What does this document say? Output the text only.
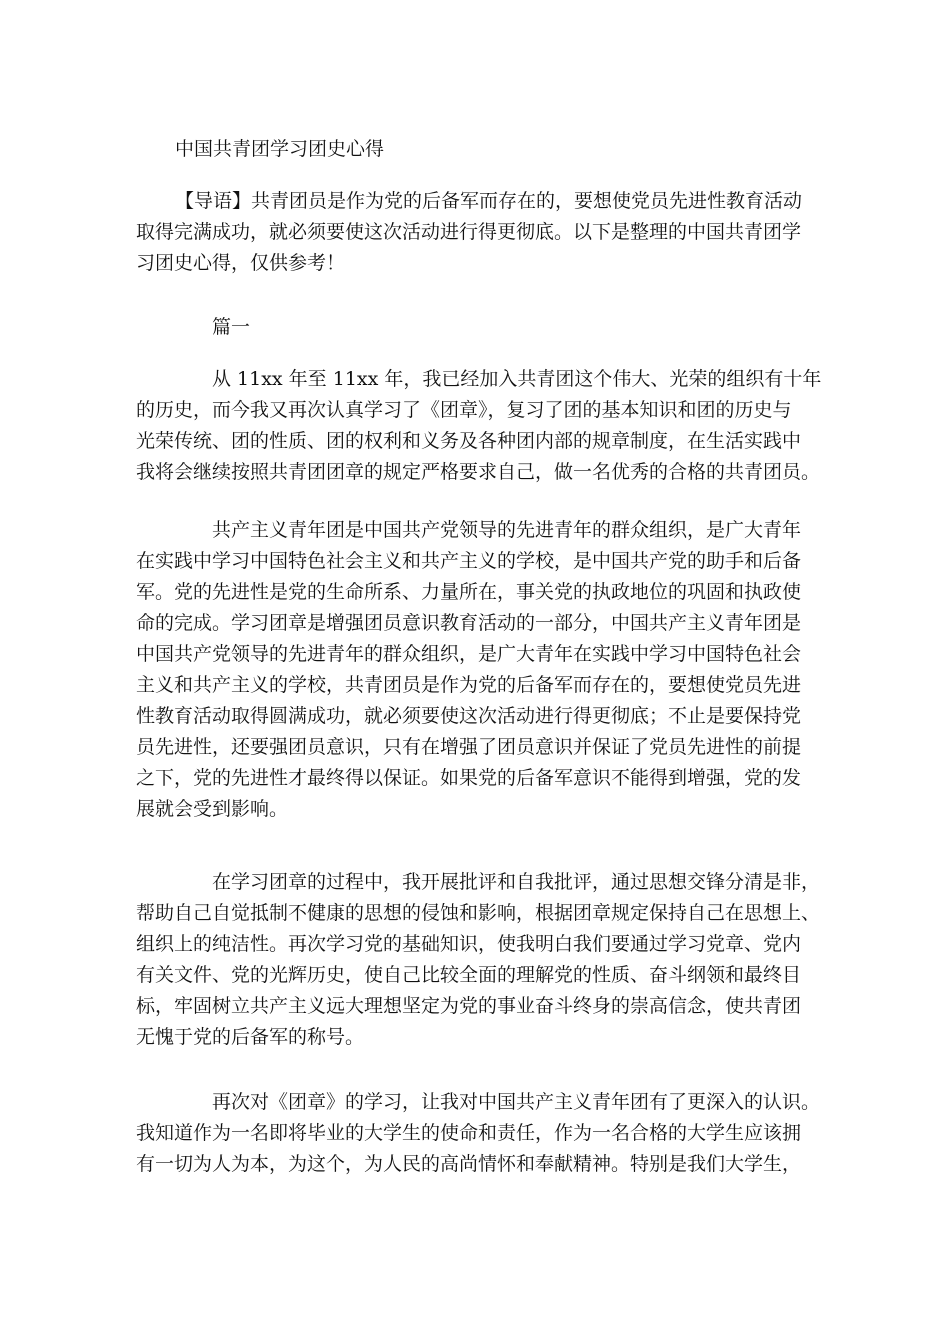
中国共青团学习团史心得
【导语】共青团员是作为党的后备军而存在的，要想使党员先进性教育活动
取得完满成功，就必须要使这次活动进行得更彻底。以下是整理的中国共青团学
习团史心得，仅供参考！
篇一
从 11xx 年至 11xx 年，我已经加入共青团这个伟大、光荣的组织有十年
的历史，而今我又再次认真学习了《团章》，复习了团的基本知识和团的历史与
光荣传统、团的性质、团的权利和义务及各种团内部的规章制度，在生活实践中
我将会继续按照共青团团章的规定严格要求自己，做一名优秀的合格的共青团员。
共产主义青年团是中国共产党领导的先进青年的群众组织，是广大青年
在实践中学习中国特色社会主义和共产主义的学校，是中国共产党的助手和后备
军。党的先进性是党的生命所系、力量所在，事关党的执政地位的巩固和执政使
命的完成。学习团章是增强团员意识教育活动的一部分，中国共产主义青年团是
中国共产党领导的先进青年的群众组织，是广大青年在实践中学习中国特色社会
主义和共产主义的学校，共青团员是作为党的后备军而存在的，要想使党员先进
性教育活动取得圆满成功，就必须要使这次活动进行得更彻底；不止是要保持党
员先进性，还要强团员意识，只有在增强了团员意识并保证了党员先进性的前提
之下，党的先进性才最终得以保证。如果党的后备军意识不能得到增强，党的发
展就会受到影响。
在学习团章的过程中，我开展批评和自我批评，通过思想交锋分清是非，
帮助自己自觉抵制不健康的思想的侵蚀和影响，根据团章规定保持自己在思想上、
组织上的纯洁性。再次学习党的基础知识，使我明白我们要通过学习党章、党内
有关文件、党的光辉历史，使自己比较全面的理解党的性质、奋斗纲领和最终目
标，牢固树立共产主义远大理想坚定为党的事业奋斗终身的崇高信念，使共青团
无愧于党的后备军的称号。
再次对《团章》的学习，让我对中国共产主义青年团有了更深入的认识。
我知道作为一名即将毕业的大学生的使命和责任，作为一名合格的大学生应该拥
有一切为人为本，为这个，为人民的高尚情怀和奉献精神。特别是我们大学生，
